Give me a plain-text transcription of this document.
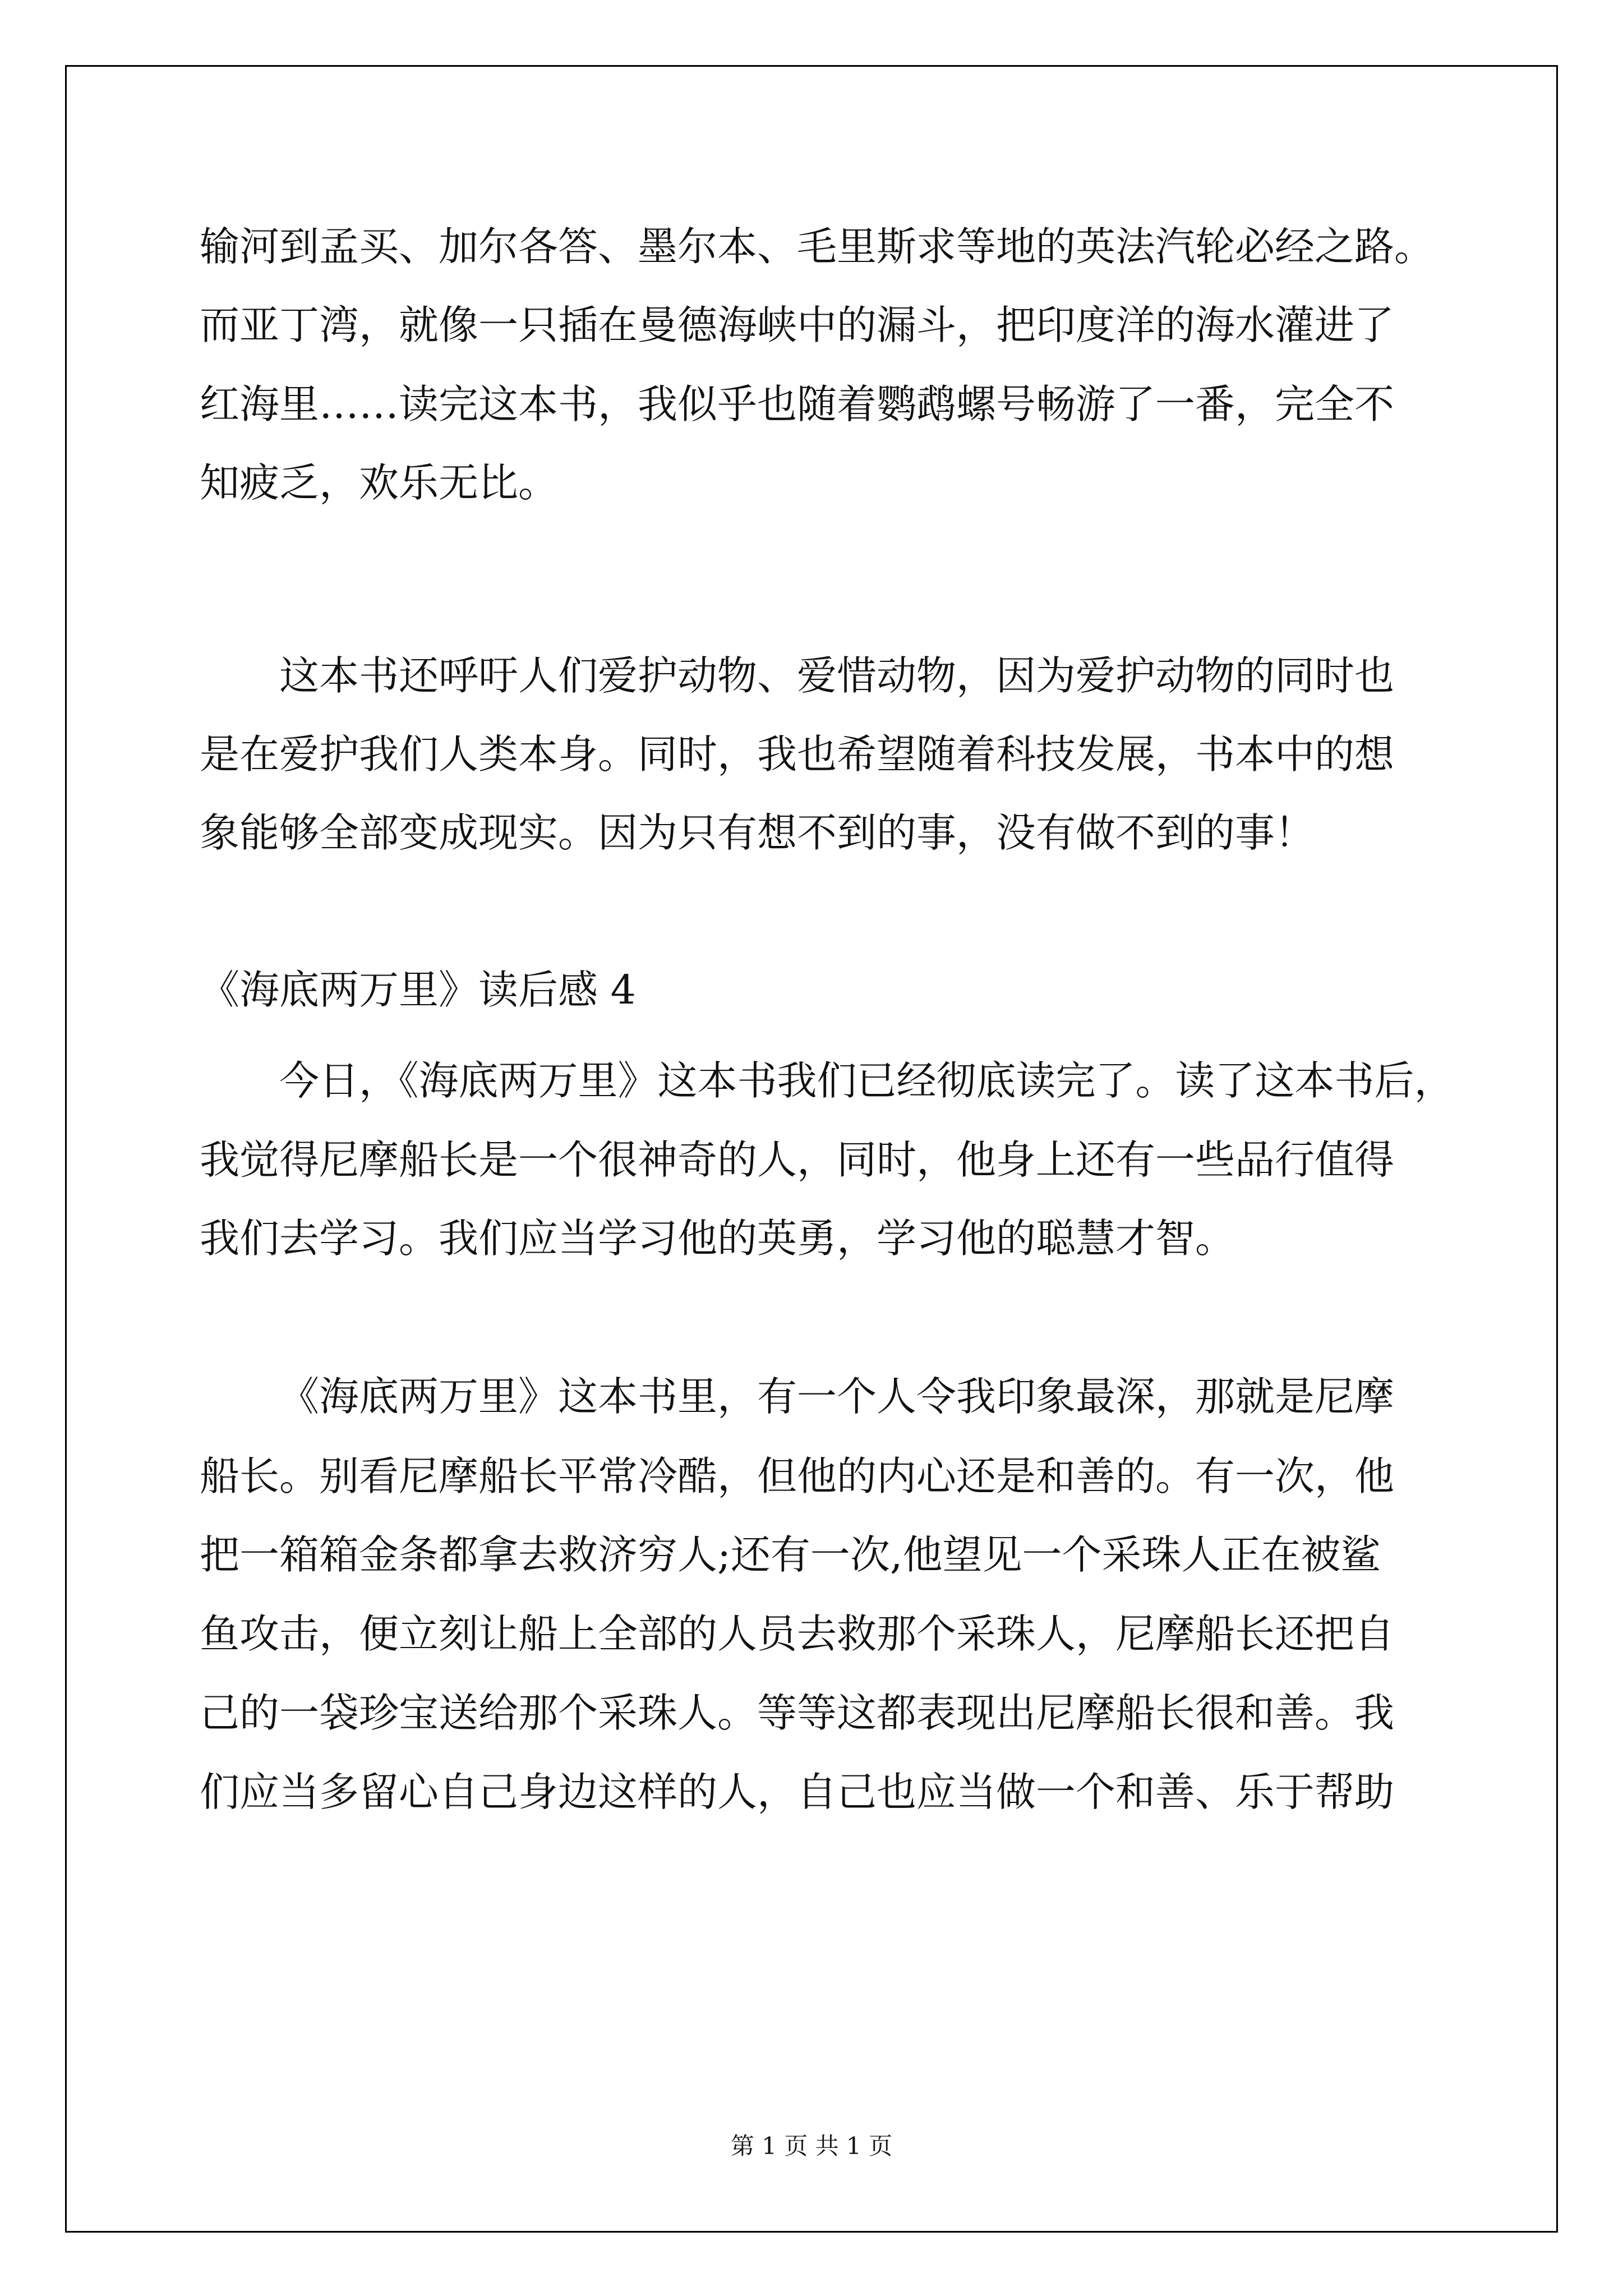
输河到孟买、加尔各答、墨尔本、毛里斯求等地的英法汽轮必经之路。
而亚丁湾，就像一只插在曼德海峡中的漏斗，把印度洋的海水灌进了
红海里……读完这本书，我似乎也随着鹦鹉螺号畅游了一番，完全不
知疲乏，欢乐无比。
这本书还呼吁人们爱护动物、爱惜动物，因为爱护动物的同时也
是在爱护我们人类本身。同时，我也希望随着科技发展，书本中的想
象能够全部变成现实。因为只有想不到的事，没有做不到的事！
《海底两万里》读后感 4
今日，《海底两万里》这本书我们已经彻底读完了。读了这本书后，
我觉得尼摩船长是一个很神奇的人，同时，他身上还有一些品行值得
我们去学习。我们应当学习他的英勇，学习他的聪慧才智。
《海底两万里》这本书里，有一个人令我印象最深，那就是尼摩
船长。别看尼摩船长平常冷酷，但他的内心还是和善的。有一次，他
把一箱箱金条都拿去救济穷人;还有一次,他望见一个采珠人正在被鲨
鱼攻击，便立刻让船上全部的人员去救那个采珠人，尼摩船长还把自
己的一袋珍宝送给那个采珠人。等等这都表现出尼摩船长很和善。我
们应当多留心自己身边这样的人，自己也应当做一个和善、乐于帮助
第 1 页 共 1 页
